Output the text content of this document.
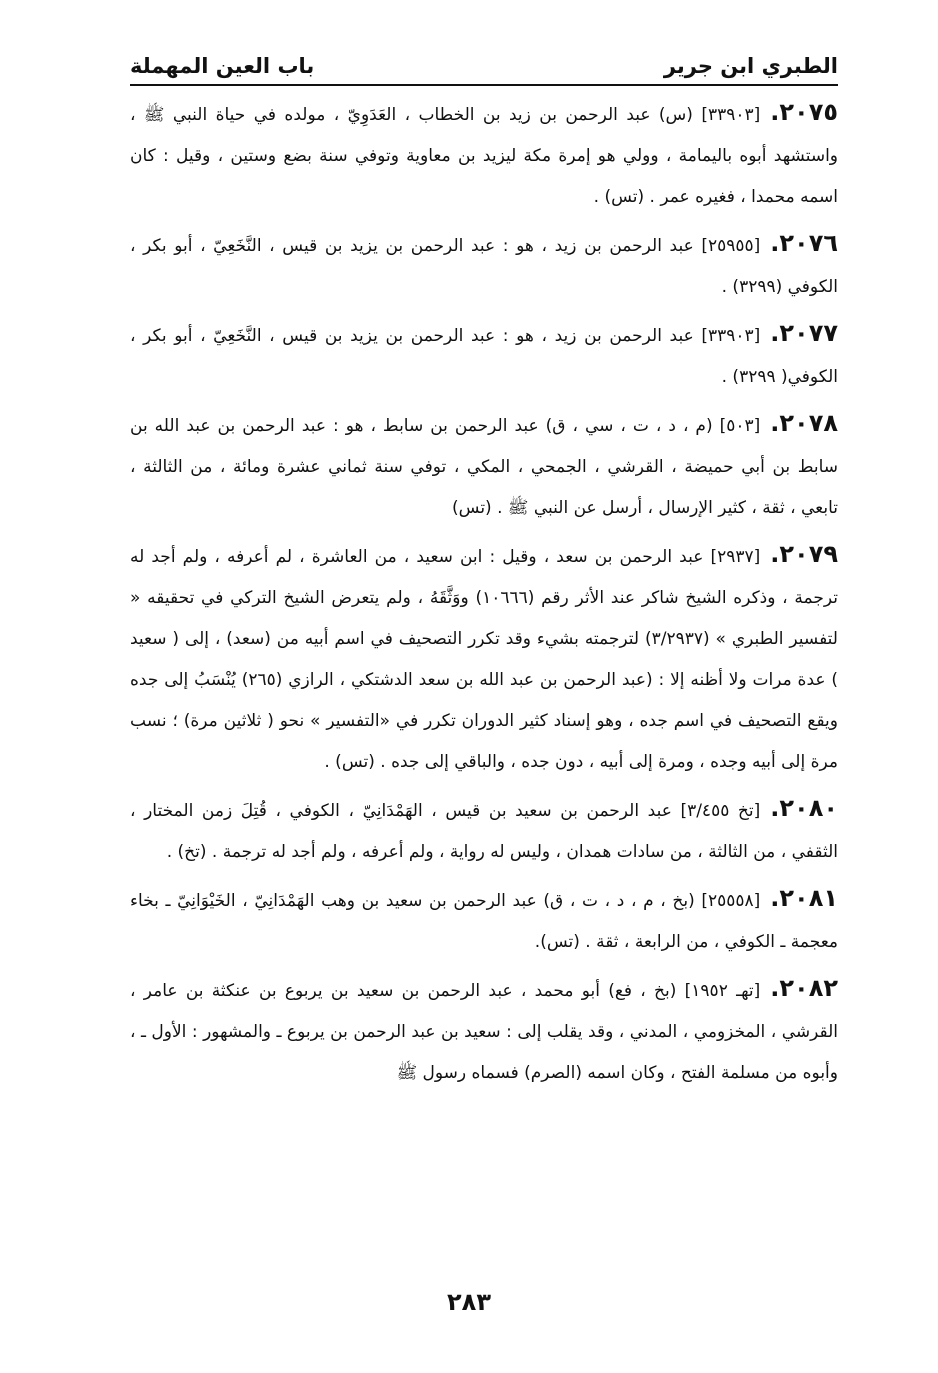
الطبري ابن جرير
باب العين المهملة

٢٠٧٥.[٣٣٩٠٣] (س) عبد الرحمن بن زيد بن الخطاب ، العَدَوِيّ ، مولده في حياة النبي ﷺ ، واستشهد أبوه باليمامة ، وولي هو إمرة مكة ليزيد بن معاوية وتوفي سنة بضع وستين ، وقيل : كان اسمه محمدا ، فغيره عمر . (تس) .

٢٠٧٦.[٢٥٩٥٥] عبد الرحمن بن زيد ، هو : عبد الرحمن بن يزيد بن قيس ، النَّخَعِيّ ، أبو بكر ، الكوفي (٣٢٩٩) .

٢٠٧٧.[٣٣٩٠٣] عبد الرحمن بن زيد ، هو : عبد الرحمن بن يزيد بن قيس ، النَّخَعِيّ ، أبو بكر ، الكوفي( ٣٢٩٩) .

٢٠٧٨.[٥٠٣] (م ، د ، ت ، سي ، ق) عبد الرحمن بن سابط ، هو : عبد الرحمن بن عبد الله بن سابط بن أبي حميضة ، القرشي ، الجمحي ، المكي ، توفي سنة ثماني عشرة ومائة ، من الثالثة ، تابعي ، ثقة ، كثير الإرسال ، أرسل عن النبي ﷺ . (تس)

٢٠٧٩.[٢٩٣٧] عبد الرحمن بن سعد ، وقيل : ابن سعيد ، من العاشرة ، لم أعرفه ، ولم أجد له ترجمة ، وذكره الشيخ شاكر عند الأثر رقم (١٠٦٦٦) ووَثَّقَهُ ، ولم يتعرض الشيخ التركي في تحقيقه « لتفسير الطبري » (٣/٢٩٣٧) لترجمته بشيء وقد تكرر التصحيف في اسم أبيه من (سعد) ، إلى ( سعيد ) عدة مرات ولا أظنه إلا : (عبد الرحمن بن عبد الله بن سعد الدشتكي ، الرازي (٢٦٥) يُنْسَبُ إلى جده ويقع التصحيف في اسم جده ، وهو إسناد كثير الدوران تكرر في «التفسير » نحو ( ثلاثين مرة) ؛ نسب مرة إلى أبيه وجده ، ومرة إلى أبيه ، دون جده ، والباقي إلى جده . (تس) .

٢٠٨٠.[تخ ٣/٤٥٥] عبد الرحمن بن سعيد بن قيس ، الهَمْدَانِيّ ، الكوفي ، قُتِلَ زمن المختار ، الثقفي ، من الثالثة ، من سادات همدان ، وليس له رواية ، ولم أعرفه ، ولم أجد له ترجمة . (تخ) .

٢٠٨١.[٢٥٥٥٨] (بخ ، م ، د ، ت ، ق) عبد الرحمن بن سعيد بن وهب الهَمْدَانِيّ ، الخَيْوَانِيّ ـ بخاء معجمة ـ الكوفي ، من الرابعة ، ثقة . (تس).

٢٠٨٢.[تهـ ١٩٥٢] (بخ ، فع) أبو محمد ، عبد الرحمن بن سعيد بن يربوع بن عنكثة بن عامر ، القرشي ، المخزومي ، المدني ، وقد يقلب إلى : سعيد بن عبد الرحمن بن يربوع ـ والمشهور : الأول ـ ، وأبوه من مسلمة الفتح ، وكان اسمه (الصرم) فسماه رسول ﷺ

٢٨٣
